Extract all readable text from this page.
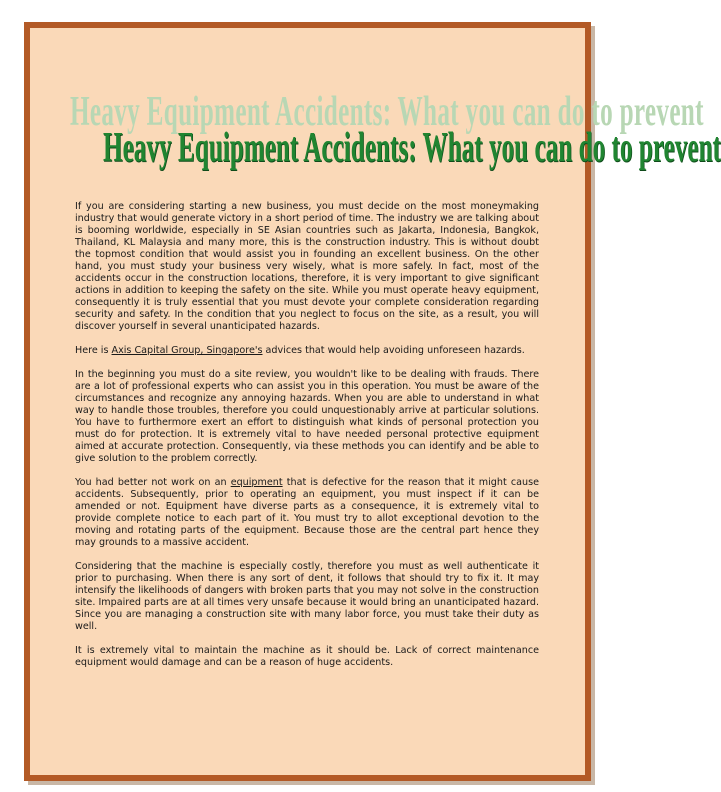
Heavy Equipment Accidents: What you can do to prevent
Heavy Equipment Accidents: What you can do to prevent

If you are considering starting a new business, you must decide on the most moneymaking industry that would generate victory in a short period of time. The industry we are talking about is booming worldwide, especially in SE Asian countries such as Jakarta, Indonesia, Bangkok, Thailand, KL Malaysia and many more, this is the construction industry. This is without doubt the topmost condition that would assist you in founding an excellent business. On the other hand, you must study your business very wisely, what is more safely. In fact, most of the accidents occur in the construction locations, therefore, it is very important to give significant actions in addition to keeping the safety on the site. While you must operate heavy equipment, consequently it is truly essential that you must devote your complete consideration regarding security and safety. In the condition that you neglect to focus on the site, as a result, you will discover yourself in several unanticipated hazards.

Here is Axis Capital Group, Singapore's advices that would help avoiding unforeseen hazards.

In the beginning you must do a site review, you wouldn't like to be dealing with frauds. There are a lot of professional experts who can assist you in this operation. You must be aware of the circumstances and recognize any annoying hazards. When you are able to understand in what way to handle those troubles, therefore you could unquestionably arrive at particular solutions. You have to furthermore exert an effort to distinguish what kinds of personal protection you must do for protection. It is extremely vital to have needed personal protective equipment aimed at accurate protection. Consequently, via these methods you can identify and be able to give solution to the problem correctly.

You had better not work on an equipment that is defective for the reason that it might cause accidents. Subsequently, prior to operating an equipment, you must inspect if it can be amended or not. Equipment have diverse parts as a consequence, it is extremely vital to provide complete notice to each part of it. You must try to allot exceptional devotion to the moving and rotating parts of the equipment. Because those are the central part hence they may grounds to a massive accident.

Considering that the machine is especially costly, therefore you must as well authenticate it prior to purchasing. When there is any sort of dent, it follows that should try to fix it. It may intensify the likelihoods of dangers with broken parts that you may not solve in the construction site. Impaired parts are at all times very unsafe because it would bring an unanticipated hazard. Since you are managing a construction site with many labor force, you must take their duty as well.

It is extremely vital to maintain the machine as it should be. Lack of correct maintenance equipment would damage and can be a reason of huge accidents.
